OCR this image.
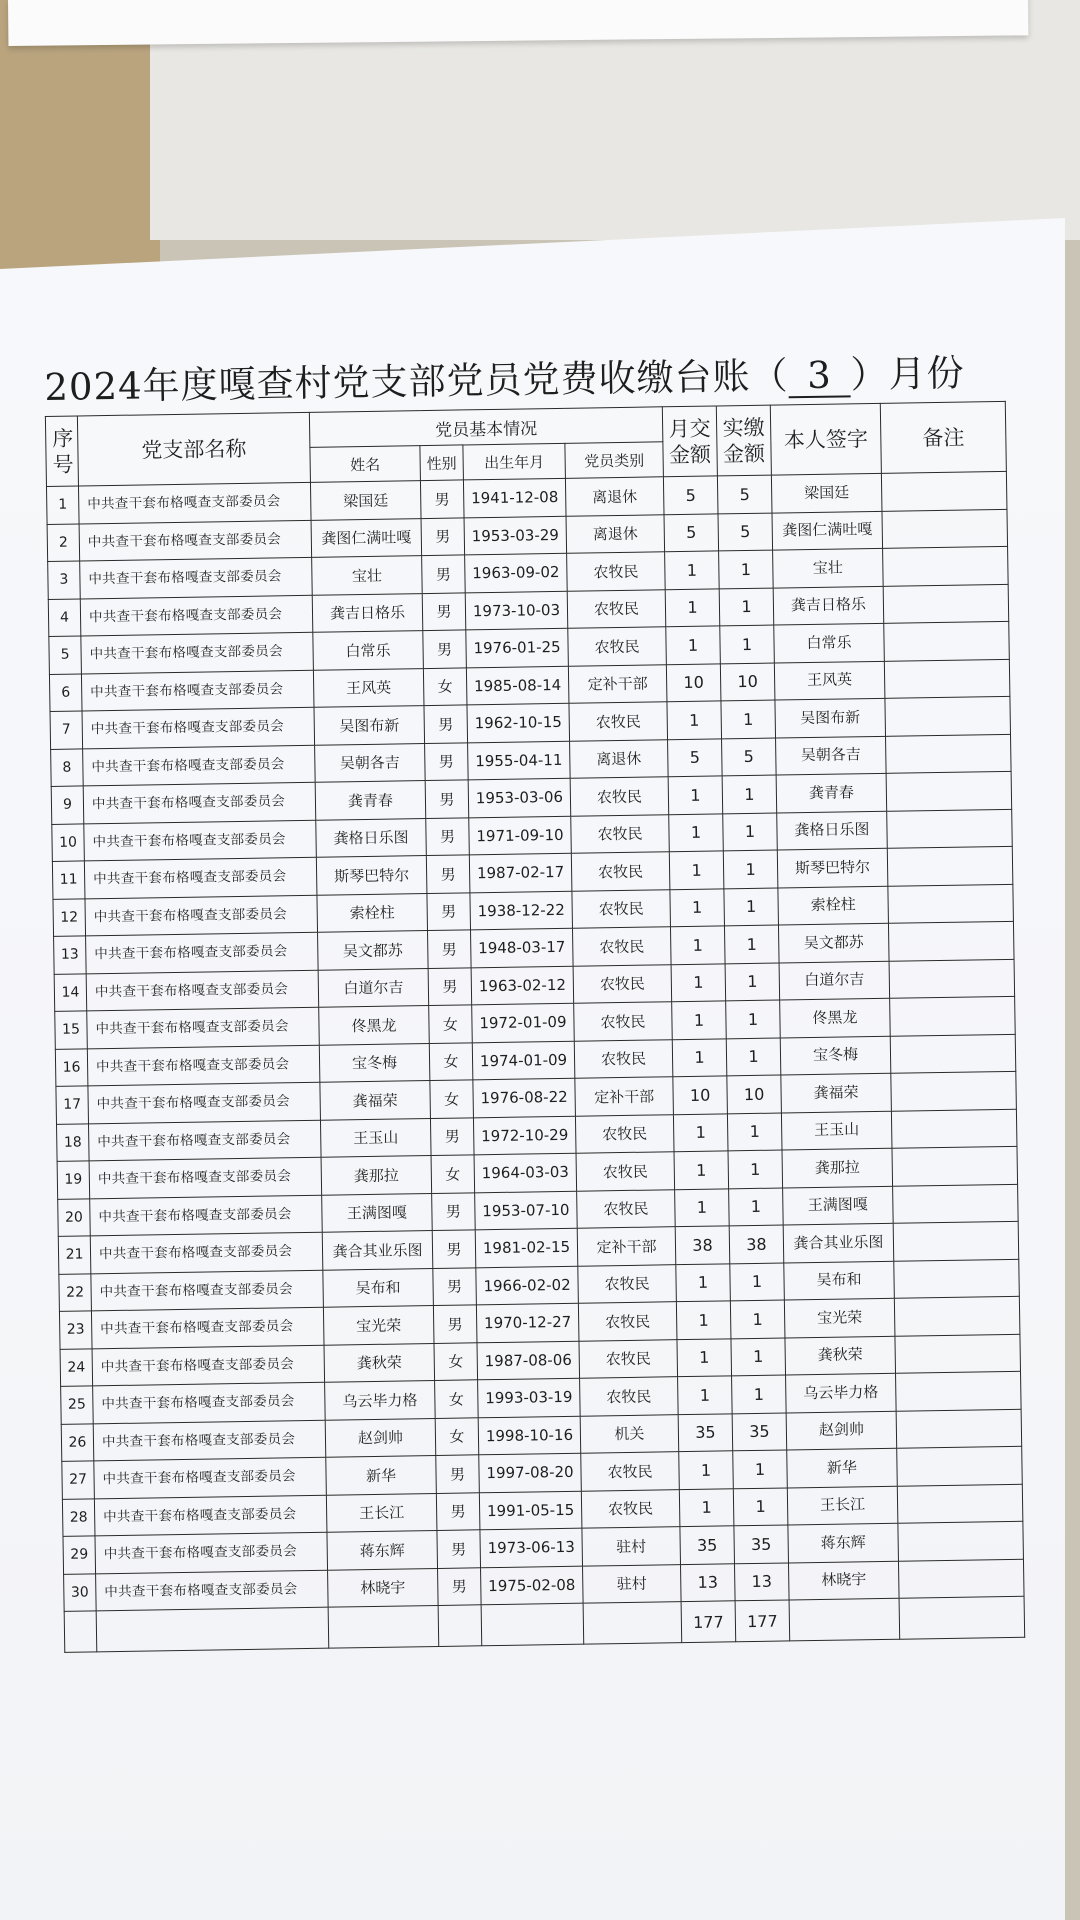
2024年度嘎查村党支部党员党费收缴台账（ 3 ）月份
序号	党支部名称	党员基本情况				月交金额	实缴金额	本人签字	备注
		姓名	性别	出生年月	党员类别				
1	中共查干套布格嘎查支部委员会	梁国廷	男	1941-12-08	离退休	5	5	梁国廷	
2	中共查干套布格嘎查支部委员会	龚图仁满吐嘎	男	1953-03-29	离退休	5	5	龚图仁满吐嘎	
3	中共查干套布格嘎查支部委员会	宝壮	男	1963-09-02	农牧民	1	1	宝壮	
4	中共查干套布格嘎查支部委员会	龚吉日格乐	男	1973-10-03	农牧民	1	1	龚吉日格乐	
5	中共查干套布格嘎查支部委员会	白常乐	男	1976-01-25	农牧民	1	1	白常乐	
6	中共查干套布格嘎查支部委员会	王风英	女	1985-08-14	定补干部	10	10	王风英	
7	中共查干套布格嘎查支部委员会	吴图布新	男	1962-10-15	农牧民	1	1	吴图布新	
8	中共查干套布格嘎查支部委员会	吴朝各吉	男	1955-04-11	离退休	5	5	吴朝各吉	
9	中共查干套布格嘎查支部委员会	龚青春	男	1953-03-06	农牧民	1	1	龚青春	
10	中共查干套布格嘎查支部委员会	龚格日乐图	男	1971-09-10	农牧民	1	1	龚格日乐图	
11	中共查干套布格嘎查支部委员会	斯琴巴特尔	男	1987-02-17	农牧民	1	1	斯琴巴特尔	
12	中共查干套布格嘎查支部委员会	索栓柱	男	1938-12-22	农牧民	1	1	索栓柱	
13	中共查干套布格嘎查支部委员会	吴文都苏	男	1948-03-17	农牧民	1	1	吴文都苏	
14	中共查干套布格嘎查支部委员会	白道尔吉	男	1963-02-12	农牧民	1	1	白道尔吉	
15	中共查干套布格嘎查支部委员会	佟黑龙	女	1972-01-09	农牧民	1	1	佟黑龙	
16	中共查干套布格嘎查支部委员会	宝冬梅	女	1974-01-09	农牧民	1	1	宝冬梅	
17	中共查干套布格嘎查支部委员会	龚福荣	女	1976-08-22	定补干部	10	10	龚福荣	
18	中共查干套布格嘎查支部委员会	王玉山	男	1972-10-29	农牧民	1	1	王玉山	
19	中共查干套布格嘎查支部委员会	龚那拉	女	1964-03-03	农牧民	1	1	龚那拉	
20	中共查干套布格嘎查支部委员会	王满图嘎	男	1953-07-10	农牧民	1	1	王满图嘎	
21	中共查干套布格嘎查支部委员会	龚合其业乐图	男	1981-02-15	定补干部	38	38	龚合其业乐图	
22	中共查干套布格嘎查支部委员会	吴布和	男	1966-02-02	农牧民	1	1	吴布和	
23	中共查干套布格嘎查支部委员会	宝光荣	男	1970-12-27	农牧民	1	1	宝光荣	
24	中共查干套布格嘎查支部委员会	龚秋荣	女	1987-08-06	农牧民	1	1	龚秋荣	
25	中共查干套布格嘎查支部委员会	乌云毕力格	女	1993-03-19	农牧民	1	1	乌云毕力格	
26	中共查干套布格嘎查支部委员会	赵剑帅	女	1998-10-16	机关	35	35	赵剑帅	
27	中共查干套布格嘎查支部委员会	新华	男	1997-08-20	农牧民	1	1	新华	
28	中共查干套布格嘎查支部委员会	王长江	男	1991-05-15	农牧民	1	1	王长江	
29	中共查干套布格嘎查支部委员会	蒋东辉	男	1973-06-13	驻村	35	35	蒋东辉	
30	中共查干套布格嘎查支部委员会	林晓宇	男	1975-02-08	驻村	13	13	林晓宇	
						177	177		
